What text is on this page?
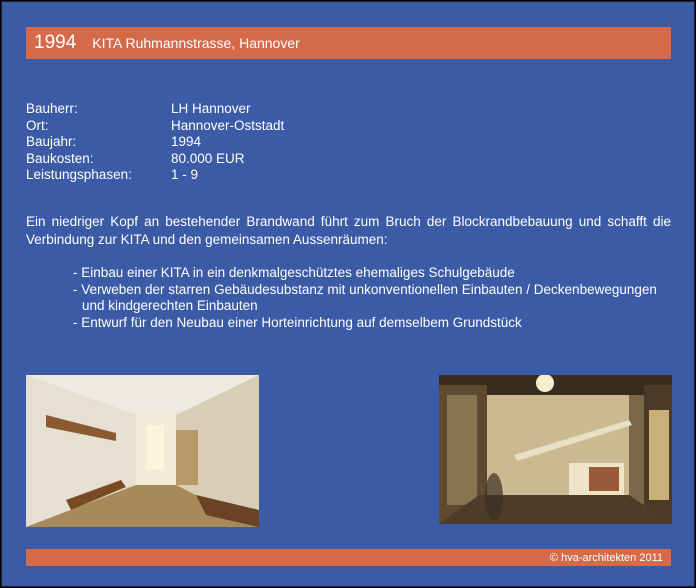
1994 KITA Ruhmannstrasse, Hannover
Bauherr:	LH Hannover
Ort:	Hannover-Oststadt
Baujahr:	1994
Baukosten:	80.000 EUR
Leistungsphasen:	1 - 9
Ein niedriger Kopf an bestehender Brandwand führt zum Bruch der Blockrandbebauung und schafft die Verbindung zur KITA und den gemeinsamen Aussenräumen:
- Einbau einer KITA in ein denkmalgeschütztes ehemaliges Schulgebäude
- Verweben der starren Gebäudesubstanz mit unkonventionellen Einbauten / Deckenbewegungen und kindgerechten Einbauten
- Entwurf für den Neubau einer Horteinrichtung auf demselbem Grundstück
© hva-architekten 2011
